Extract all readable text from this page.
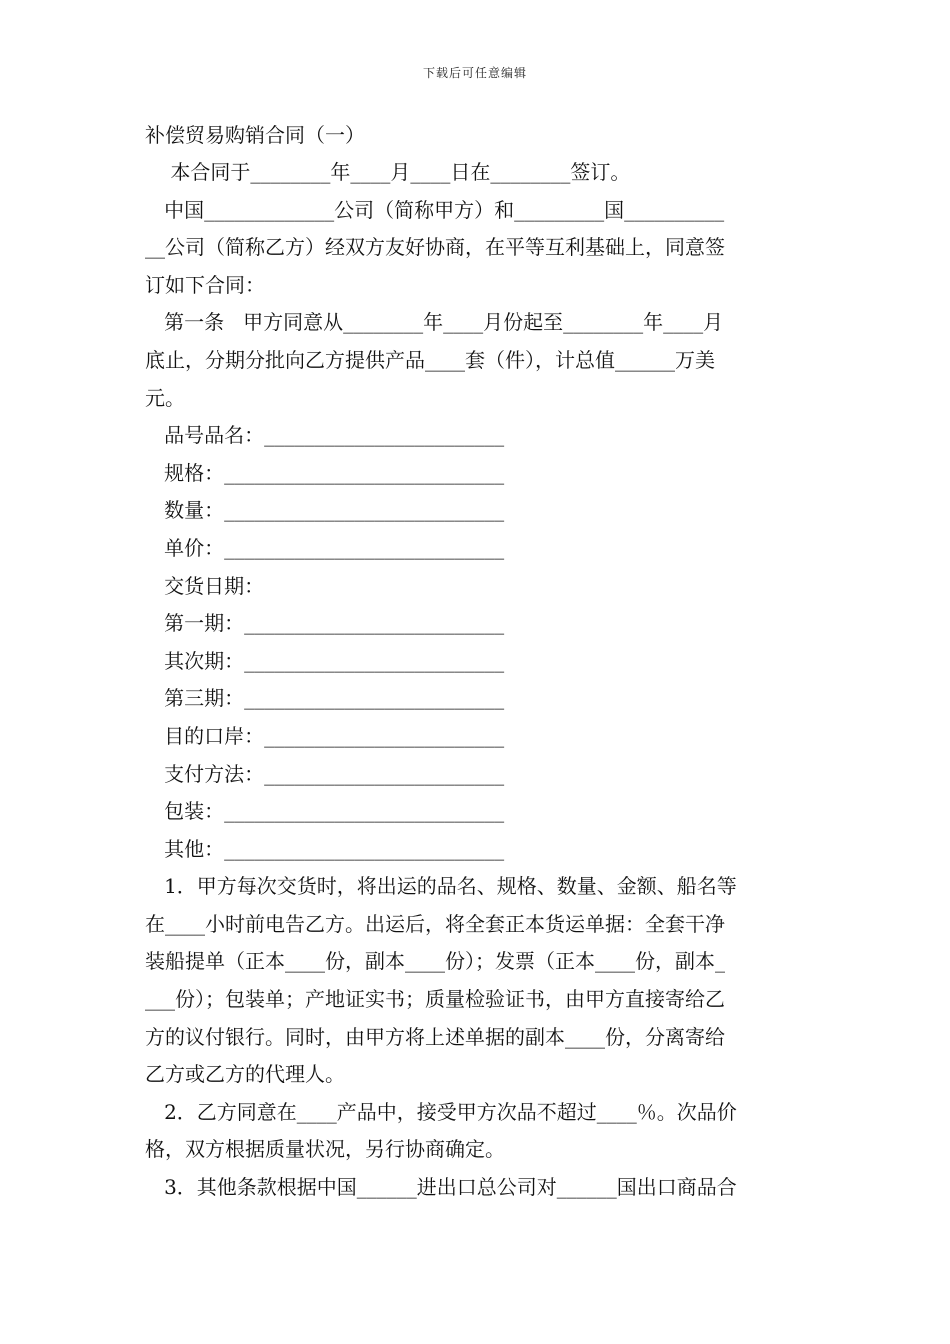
下载后可任意编辑
补偿贸易购销合同（一）
本合同于________年____月____日在________签订。
中国_____________公司（简称甲方）和_________国__________
__公司（简称乙方）经双方友好协商，在平等互利基础上，同意签
订如下合同：
第一条   甲方同意从________年____月份起至________年____月
底止，分期分批向乙方提供产品____套（件），计总值______万美
元。
品号品名：________________________
规格：____________________________
数量：____________________________
单价：____________________________
交货日期：
第一期：__________________________
其次期：__________________________
第三期：__________________________
目的口岸：________________________
支付方法：________________________
包装：____________________________
其他：____________________________
1．甲方每次交货时，将出运的品名、规格、数量、金额、船名等
在____小时前电告乙方。出运后，将全套正本货运单据：全套干净
装船提单（正本____份，副本____份）；发票（正本____份，副本_
___份）；包装单；产地证实书；质量检验证书，由甲方直接寄给乙
方的议付银行。同时，由甲方将上述单据的副本____份，分离寄给
乙方或乙方的代理人。
2．乙方同意在____产品中，接受甲方次品不超过____％。次品价
格，双方根据质量状况，另行协商确定。
3．其他条款根据中国______进出口总公司对______国出口商品合
